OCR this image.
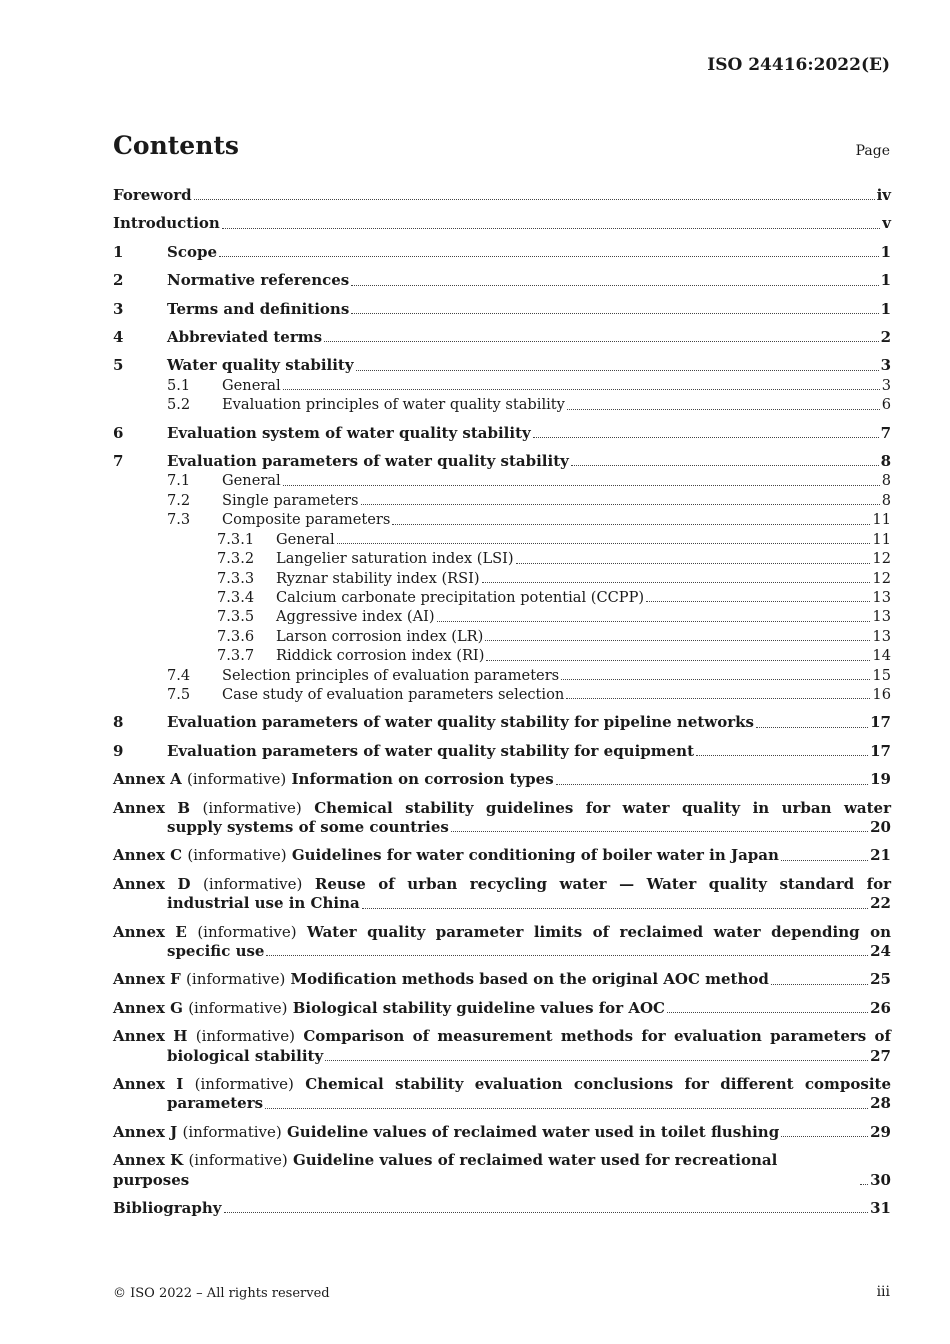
ISO 24416:2022(E)
Contents	Page
Foreword	iv
Introduction	v
1	Scope	1
2	Normative references	1
3	Terms and definitions	1
4	Abbreviated terms	2
5	Water quality stability	3
5.1	General	3
5.2	Evaluation principles of water quality stability	6
6	Evaluation system of water quality stability	7
7	Evaluation parameters of water quality stability	8
7.1	General	8
7.2	Single parameters	8
7.3	Composite parameters	11
7.3.1	General	11
7.3.2	Langelier saturation index (LSI)	12
7.3.3	Ryznar stability index (RSI)	12
7.3.4	Calcium carbonate precipitation potential (CCPP)	13
7.3.5	Aggressive index (AI)	13
7.3.6	Larson corrosion index (LR)	13
7.3.7	Riddick corrosion index (RI)	14
7.4	Selection principles of evaluation parameters	15
7.5	Case study of evaluation parameters selection	16
8	Evaluation parameters of water quality stability for pipeline networks	17
9	Evaluation parameters of water quality stability for equipment	17
Annex A (informative) Information on corrosion types	19
Annex B (informative) Chemical stability guidelines for water quality in urban water
supply systems of some countries	20
Annex C (informative) Guidelines for water conditioning of boiler water in Japan	21
Annex D (informative) Reuse of urban recycling water — Water quality standard for
industrial use in China	22
Annex E (informative) Water quality parameter limits of reclaimed water depending on
specific use	24
Annex F (informative) Modification methods based on the original AOC method	25
Annex G (informative) Biological stability guideline values for AOC	26
Annex H (informative) Comparison of measurement methods for evaluation parameters of
biological stability	27
Annex I (informative) Chemical stability evaluation conclusions for different composite
parameters	28
Annex J (informative) Guideline values of reclaimed water used in toilet flushing	29
Annex K (informative) Guideline values of reclaimed water used for recreational purposes	30
Bibliography	31
© ISO 2022 – All rights reserved	iii
